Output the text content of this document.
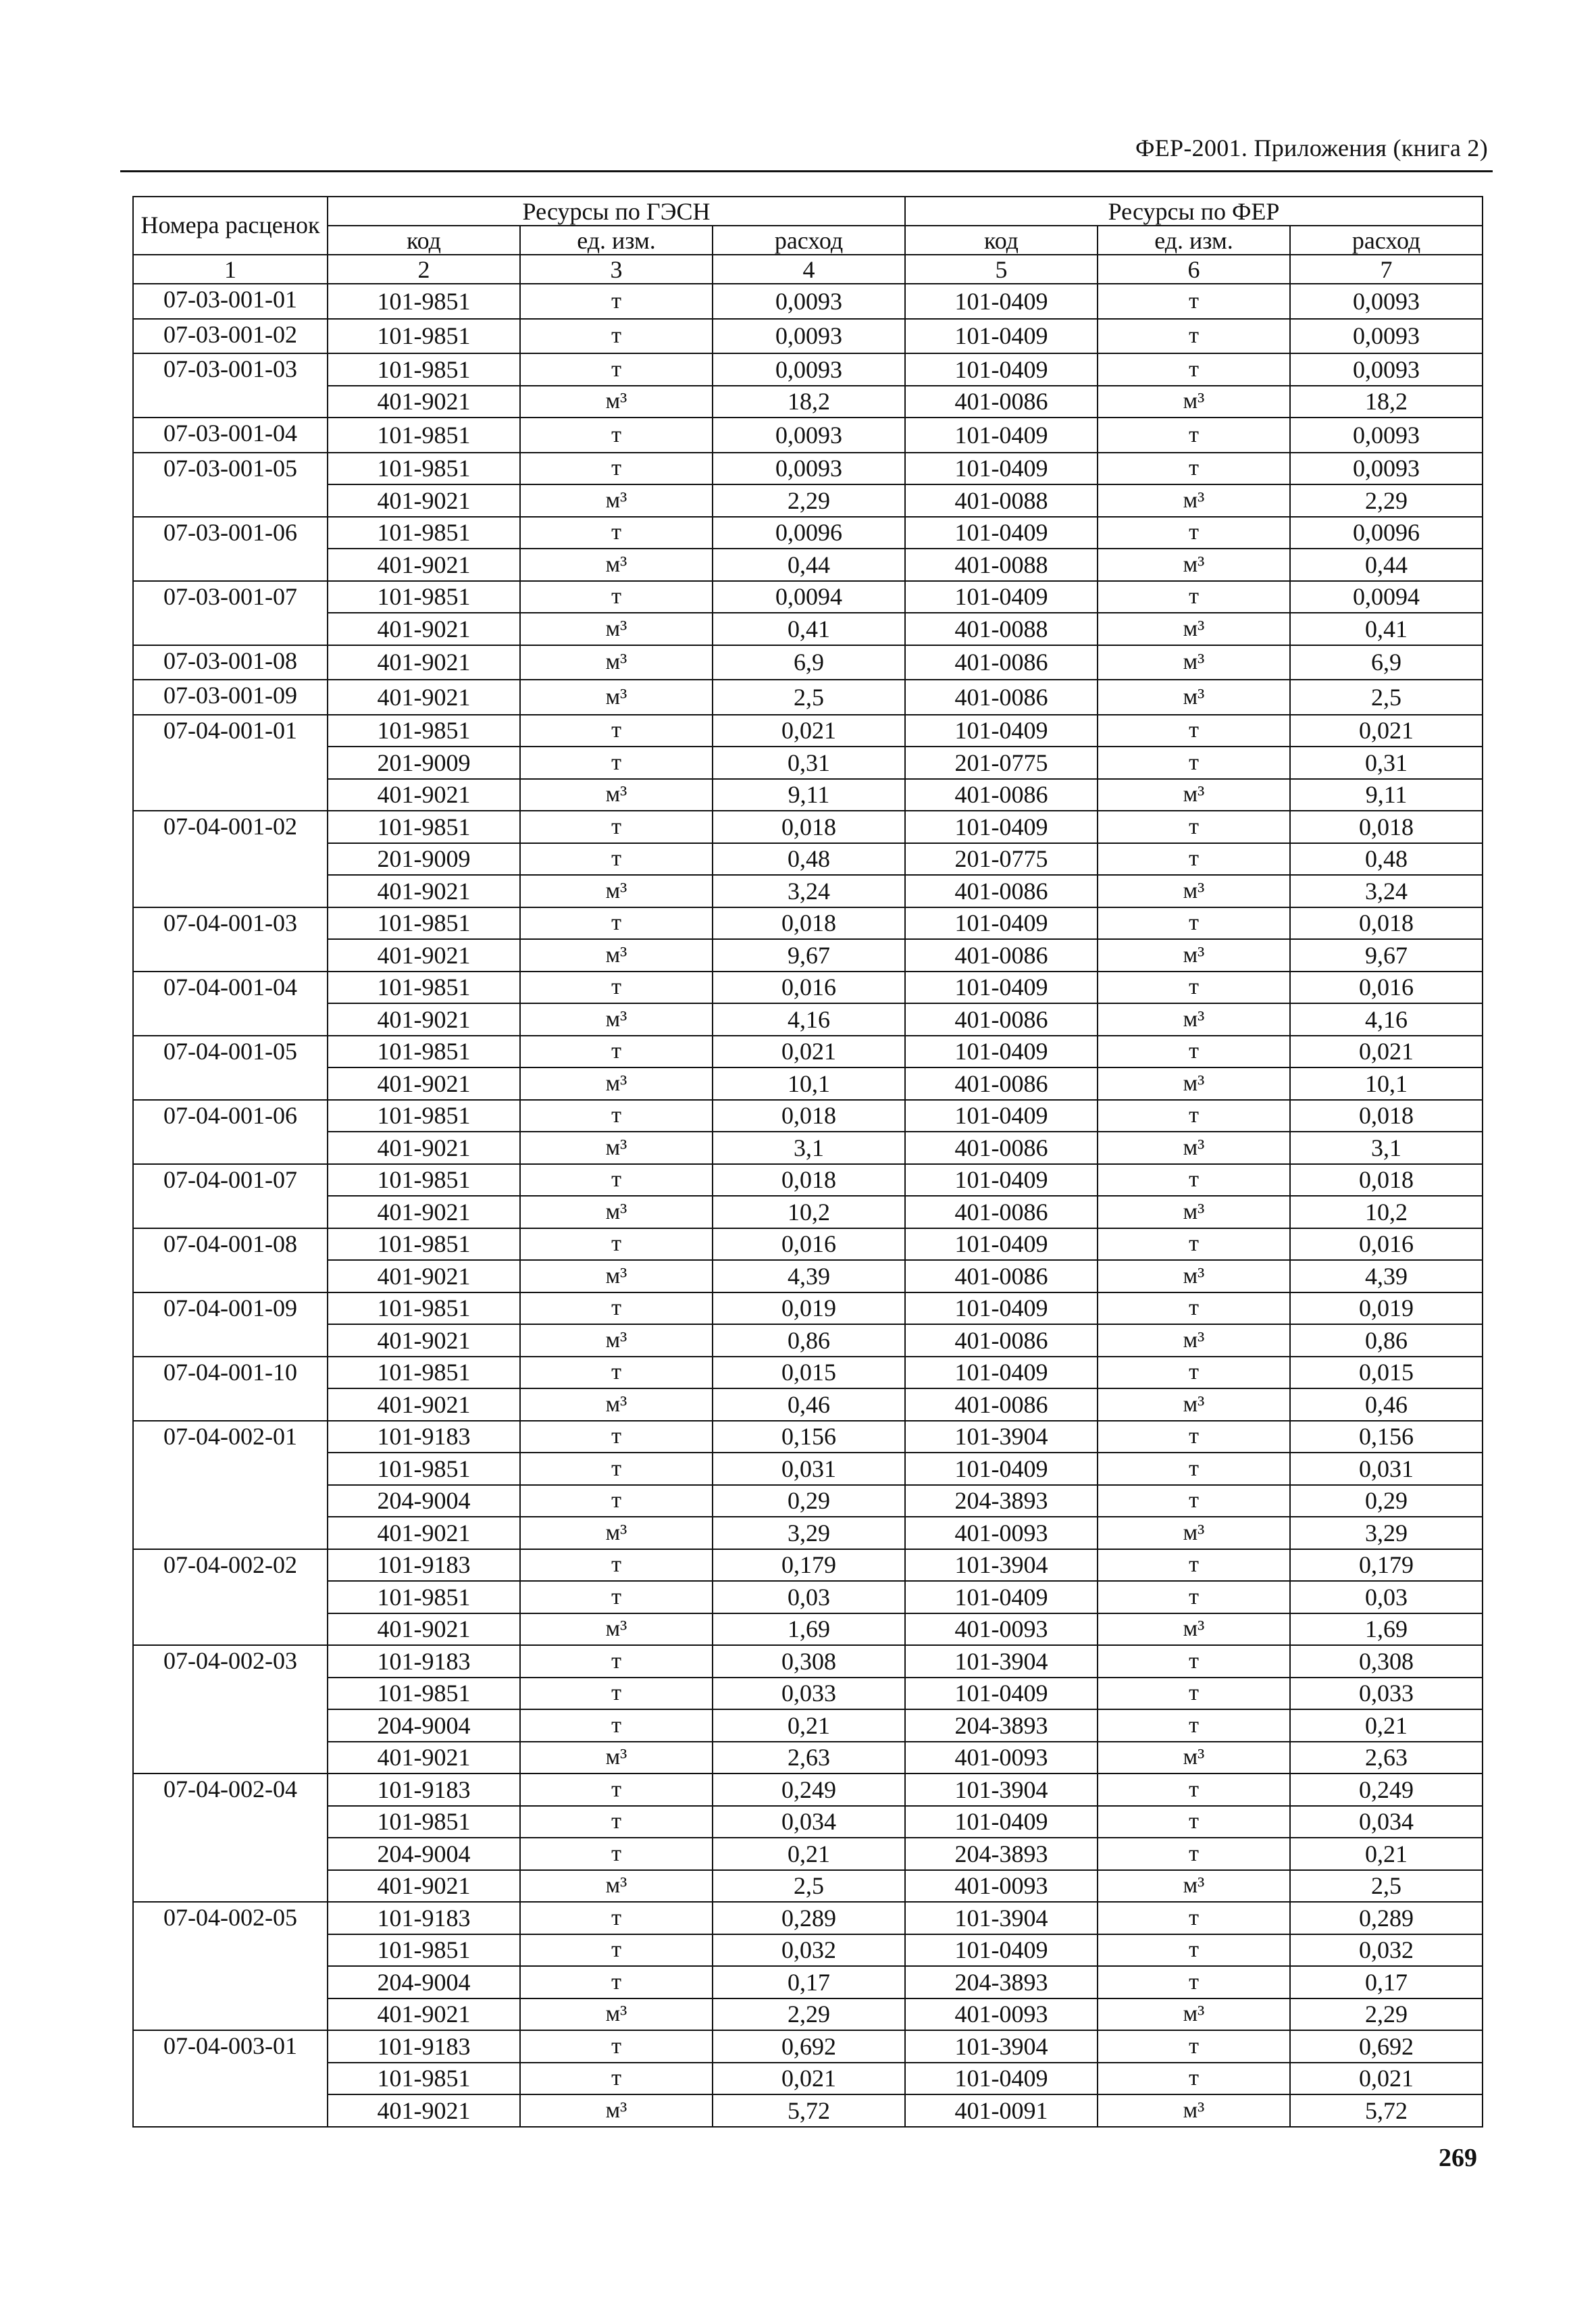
ФЕР-2001. Приложения (книга 2)
Номера расценок	Ресурсы по ГЭСН			Ресурсы по ФЕР		
	код	ед. изм.	расход	код	ед. изм.	расход
1	2	3	4	5	6	7
07-03-001-01	101-9851	т	0,0093	101-0409	т	0,0093
07-03-001-02	101-9851	т	0,0093	101-0409	т	0,0093
07-03-001-03	101-9851	т	0,0093	101-0409	т	0,0093
	401-9021	м³	18,2	401-0086	м³	18,2
07-03-001-04	101-9851	т	0,0093	101-0409	т	0,0093
07-03-001-05	101-9851	т	0,0093	101-0409	т	0,0093
	401-9021	м³	2,29	401-0088	м³	2,29
07-03-001-06	101-9851	т	0,0096	101-0409	т	0,0096
	401-9021	м³	0,44	401-0088	м³	0,44
07-03-001-07	101-9851	т	0,0094	101-0409	т	0,0094
	401-9021	м³	0,41	401-0088	м³	0,41
07-03-001-08	401-9021	м³	6,9	401-0086	м³	6,9
07-03-001-09	401-9021	м³	2,5	401-0086	м³	2,5
07-04-001-01	101-9851	т	0,021	101-0409	т	0,021
	201-9009	т	0,31	201-0775	т	0,31
	401-9021	м³	9,11	401-0086	м³	9,11
07-04-001-02	101-9851	т	0,018	101-0409	т	0,018
	201-9009	т	0,48	201-0775	т	0,48
	401-9021	м³	3,24	401-0086	м³	3,24
07-04-001-03	101-9851	т	0,018	101-0409	т	0,018
	401-9021	м³	9,67	401-0086	м³	9,67
07-04-001-04	101-9851	т	0,016	101-0409	т	0,016
	401-9021	м³	4,16	401-0086	м³	4,16
07-04-001-05	101-9851	т	0,021	101-0409	т	0,021
	401-9021	м³	10,1	401-0086	м³	10,1
07-04-001-06	101-9851	т	0,018	101-0409	т	0,018
	401-9021	м³	3,1	401-0086	м³	3,1
07-04-001-07	101-9851	т	0,018	101-0409	т	0,018
	401-9021	м³	10,2	401-0086	м³	10,2
07-04-001-08	101-9851	т	0,016	101-0409	т	0,016
	401-9021	м³	4,39	401-0086	м³	4,39
07-04-001-09	101-9851	т	0,019	101-0409	т	0,019
	401-9021	м³	0,86	401-0086	м³	0,86
07-04-001-10	101-9851	т	0,015	101-0409	т	0,015
	401-9021	м³	0,46	401-0086	м³	0,46
07-04-002-01	101-9183	т	0,156	101-3904	т	0,156
	101-9851	т	0,031	101-0409	т	0,031
	204-9004	т	0,29	204-3893	т	0,29
	401-9021	м³	3,29	401-0093	м³	3,29
07-04-002-02	101-9183	т	0,179	101-3904	т	0,179
	101-9851	т	0,03	101-0409	т	0,03
	401-9021	м³	1,69	401-0093	м³	1,69
07-04-002-03	101-9183	т	0,308	101-3904	т	0,308
	101-9851	т	0,033	101-0409	т	0,033
	204-9004	т	0,21	204-3893	т	0,21
	401-9021	м³	2,63	401-0093	м³	2,63
07-04-002-04	101-9183	т	0,249	101-3904	т	0,249
	101-9851	т	0,034	101-0409	т	0,034
	204-9004	т	0,21	204-3893	т	0,21
	401-9021	м³	2,5	401-0093	м³	2,5
07-04-002-05	101-9183	т	0,289	101-3904	т	0,289
	101-9851	т	0,032	101-0409	т	0,032
	204-9004	т	0,17	204-3893	т	0,17
	401-9021	м³	2,29	401-0093	м³	2,29
07-04-003-01	101-9183	т	0,692	101-3904	т	0,692
	101-9851	т	0,021	101-0409	т	0,021
	401-9021	м³	5,72	401-0091	м³	5,72
269
